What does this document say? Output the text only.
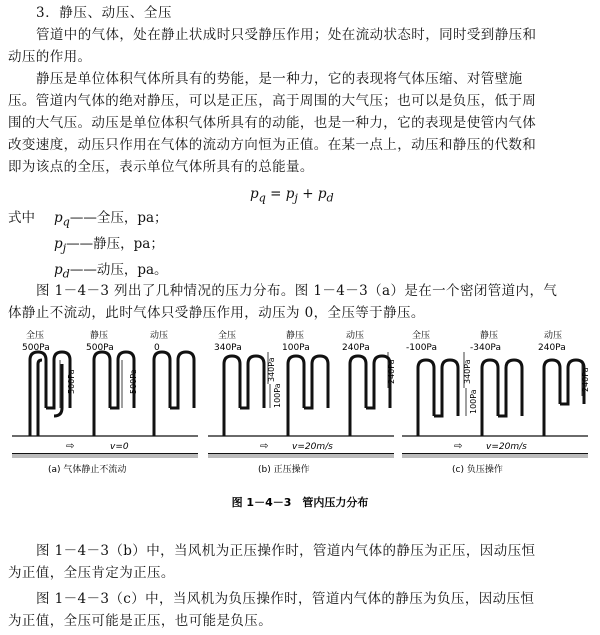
3．静压、动压、全压
管道中的气体，处在静止状成时只受静压作用；处在流动状态时，同时受到静压和
动压的作用。
静压是单位体积气体所具有的势能，是一种力，它的表现将气体压缩、对管壁施
压。管道内气体的绝对静压，可以是正压，高于周围的大气压；也可以是负压，低于周
围的大气压。动压是单位体积气体所具有的动能，也是一种力，它的表现是使管内气体
改变速度，动压只作用在气体的流动方向恒为正值。在某一点上，动压和静压的代数和
即为该点的全压，表示单位气体所具有的总能量。
$p_q = p_j + p_d$
式中 $p_q——$全压，pa；
$p_j——$静压，pa；
$p_d——$动压，pa。
图 1－4－3 列出了几种情况的压力分布。图 1－4－3（a）是在一个密闭管道内，气
体静止不流动，此时气体只受静压作用，动压为 0，全压等于静压。
全压
500Pa
静压
500Pa
动压
0
500Pa	500Pa
⇨	v=0
(a) 气体静止不流动
全压
340Pa
静压
100Pa
动压
240Pa
340Pa
100Pa
240Pa
⇨	v=20m/s
(b) 正压操作
全压
-100Pa
静压
-340Pa
动压
240Pa
340Pa
100Pa
240Pa
⇨	v=20m/s
(c) 负压操作
图 1－4－3　管内压力分布
图 1－4－3（b）中，当风机为正压操作时，管道内气体的静压为正压，因动压恒
为正值，全压肯定为正压。
图 1－4－3（c）中，当风机为负压操作时，管道内气体的静压为负压，因动压恒
为正值，全压可能是正压，也可能是负压。
